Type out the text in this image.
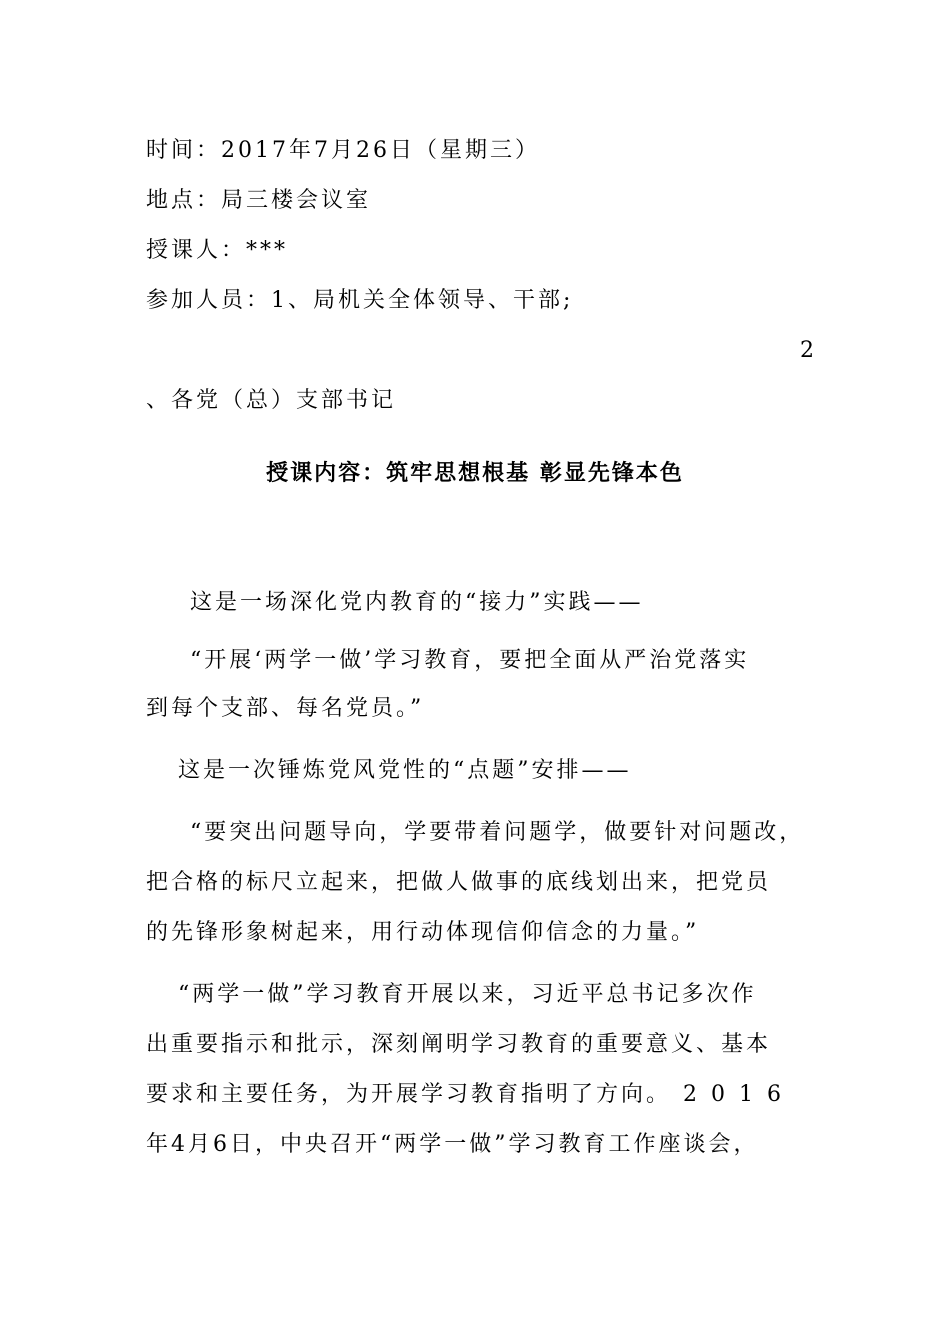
时间：2017年7月26日（星期三）
地点：局三楼会议室
授课人：***
参加人员：1、局机关全体领导、干部;
2
、各党（总）支部书记
授课内容：筑牢思想根基 彰显先锋本色
这是一场深化党内教育的“接力”实践——
“开展‘两学一做’学习教育，要把全面从严治党落实
到每个支部、每名党员。”
这是一次锤炼党风党性的“点题”安排——
“要突出问题导向，学要带着问题学，做要针对问题改，
把合格的标尺立起来，把做人做事的底线划出来，把党员
的先锋形象树起来，用行动体现信仰信念的力量。”
“两学一做”学习教育开展以来，习近平总书记多次作
出重要指示和批示，深刻阐明学习教育的重要意义、基本
要求和主要任务，为开展学习教育指明了方向。 2016
年4月6日，中央召开“两学一做”学习教育工作座谈会，
